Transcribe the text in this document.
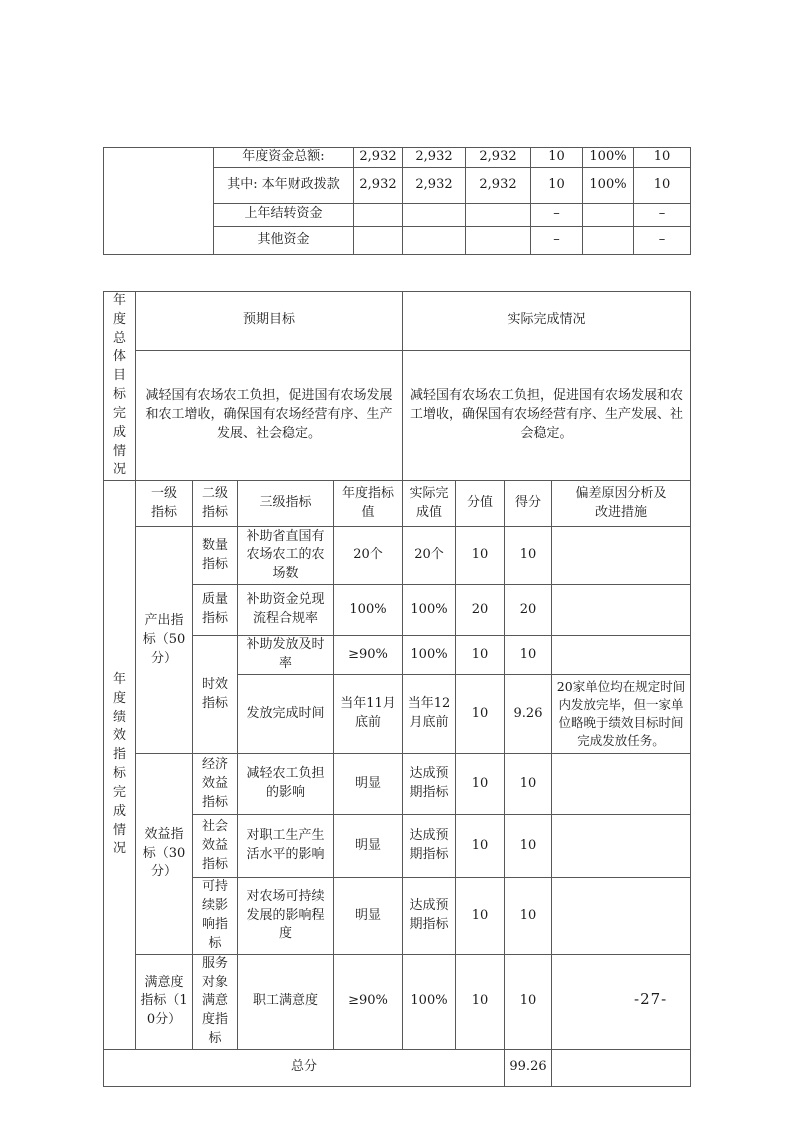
	年度资金总额:	2,932	2,932	2,932	10	100%	10
	其中: 本年财政拨款	2,932	2,932	2,932	10	100%	10
	上年结转资金				–		–
	其他资金				–		–

年度总体目标完成情况	预期目标	实际完成情况
	减轻国有农场农工负担，促进国有农场发展和农工增收，确保国有农场经营有序、生产发展、社会稳定。	减轻国有农场农工负担，促进国有农场发展和农工增收，确保国有农场经营有序、生产发展、社会稳定。
年度绩效指标完成情况	一级指标	二级指标	三级指标	年度指标值	实际完成值	分值	得分	偏差原因分析及改进措施
	产出指标（50分）	数量指标	补助省直国有农场农工的农场数	20个	20个	10	10	
		质量指标	补助资金兑现流程合规率	100%	100%	20	20	
		时效指标	补助发放及时率	≥90%	100%	10	10	
			发放完成时间	当年11月底前	当年12月底前	10	9.26	20家单位均在规定时间内发放完毕，但一家单位略晚于绩效目标时间完成发放任务。
	效益指标（30分）	经济效益指标	减轻农工负担的影响	明显	达成预期指标	10	10	
		社会效益指标	对职工生产生活水平的影响	明显	达成预期指标	10	10	
		可持续影响指标	对农场可持续发展的影响程度	明显	达成预期指标	10	10	
	满意度指标（10分）	服务对象满意度指标	职工满意度	≥90%	100%	10	10	
总分							99.26	
-27-
